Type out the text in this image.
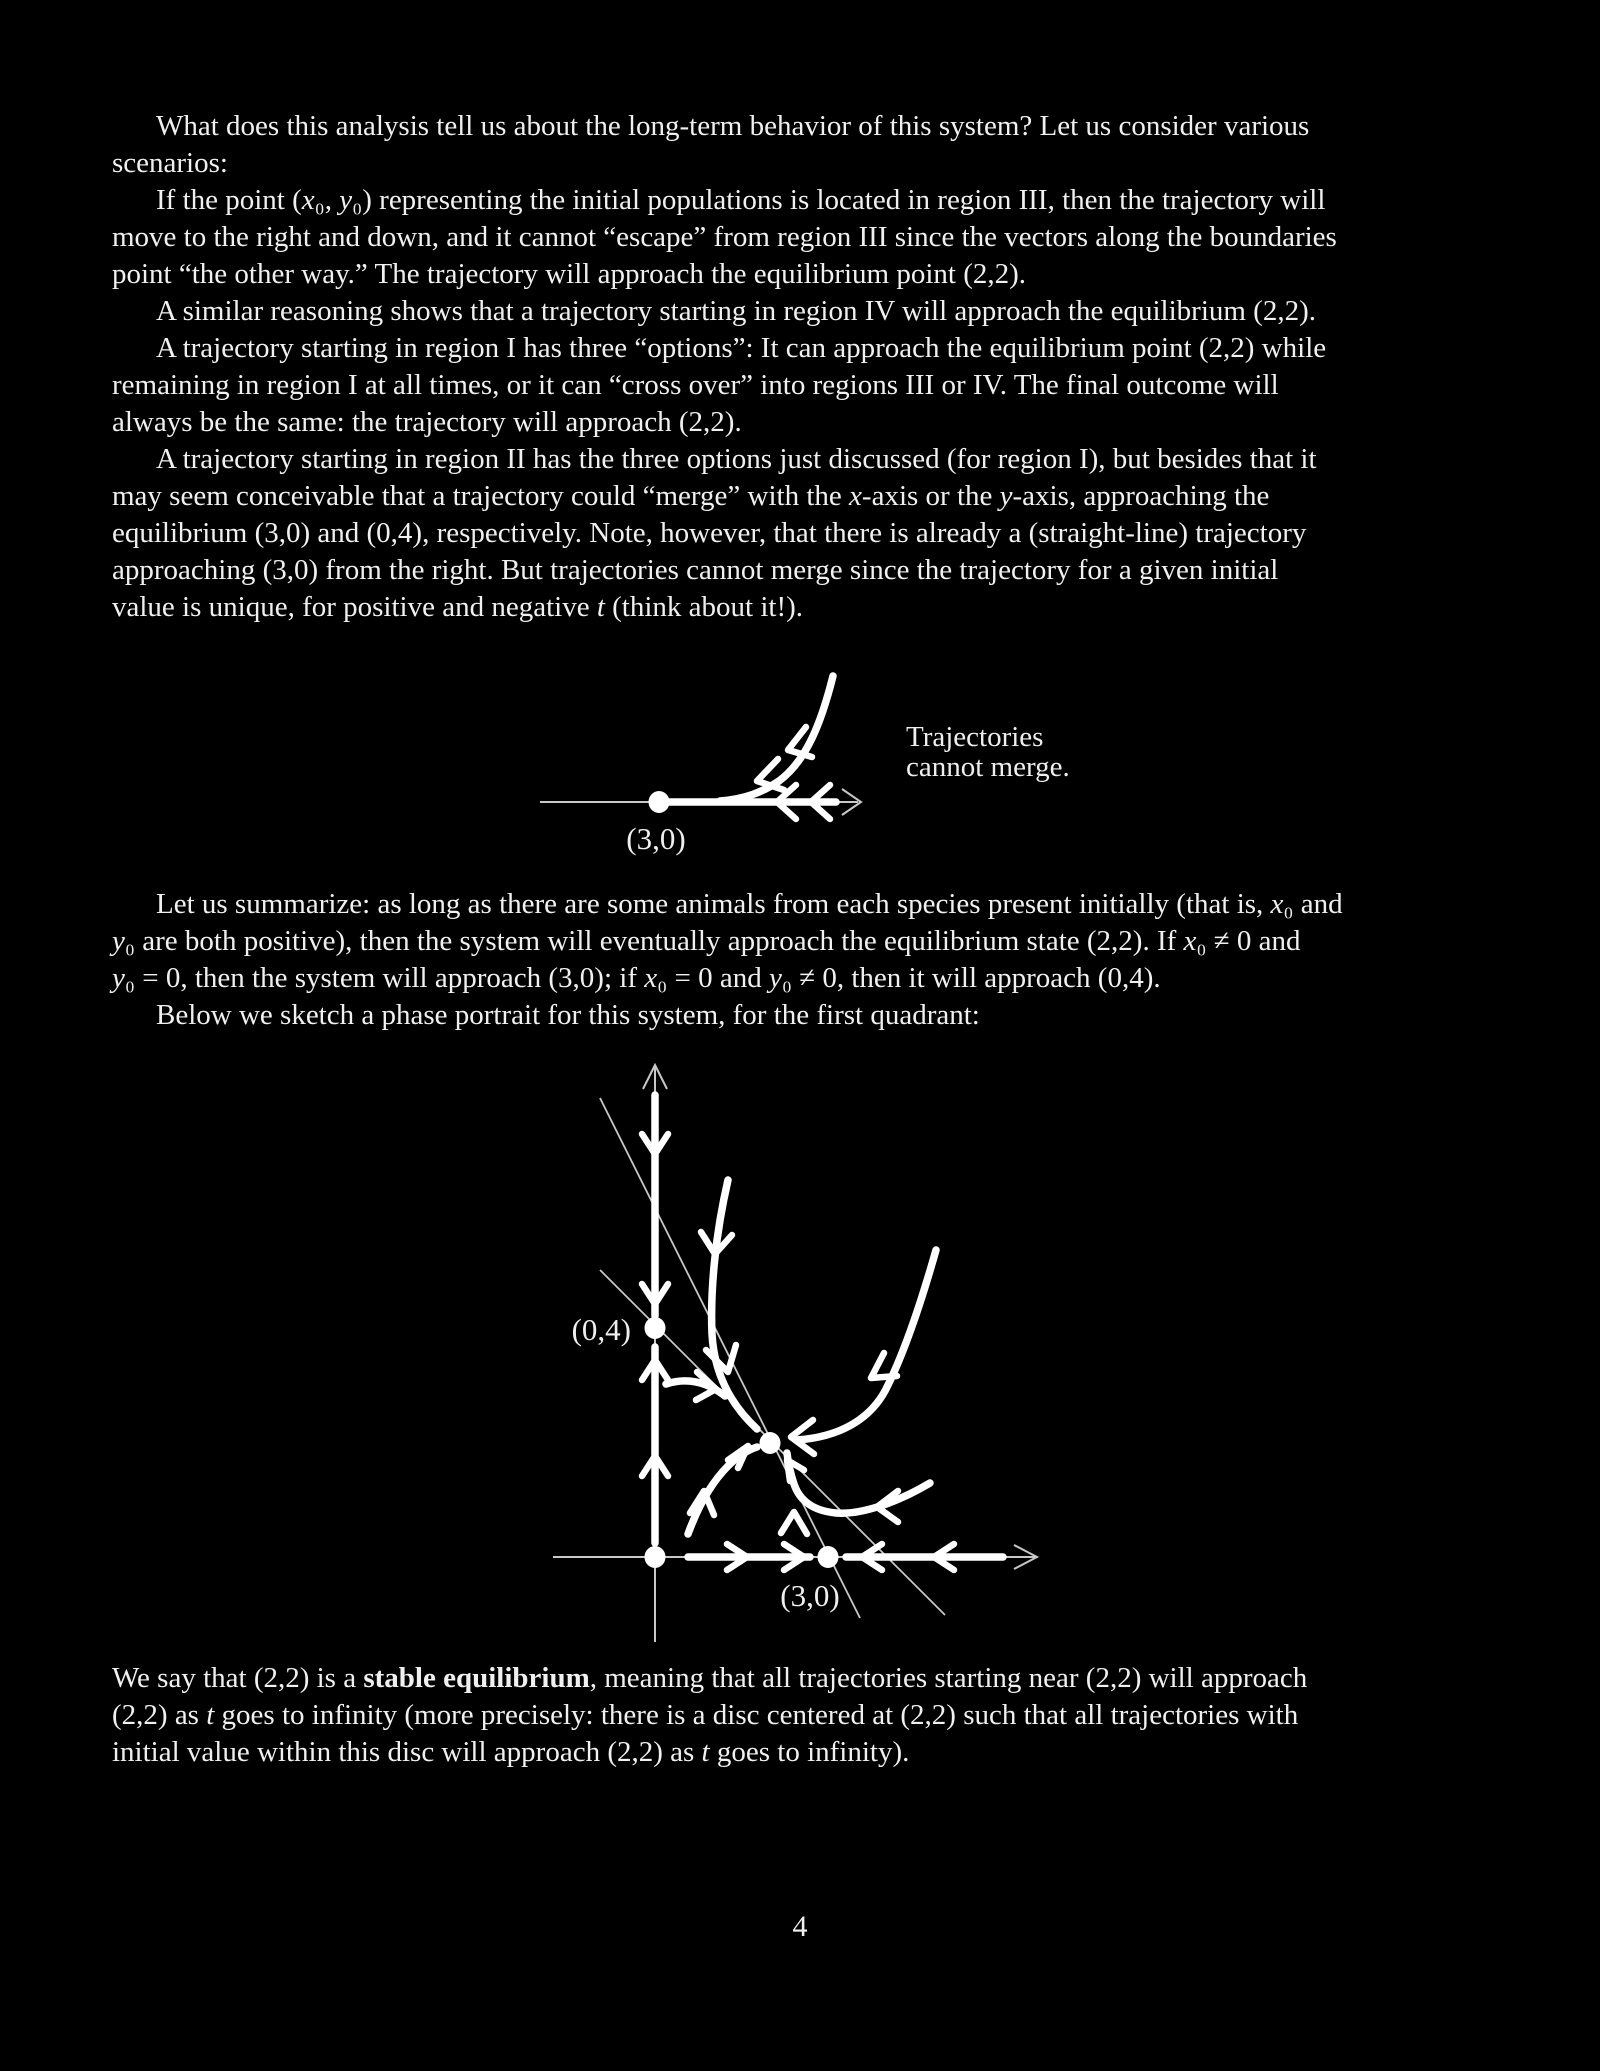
What does this analysis tell us about the long-term behavior of this system? Let us consider various
scenarios:
If the point (x₀, y₀) representing the initial populations is located in region III, then the trajectory will
move to the right and down, and it cannot “escape” from region III since the vectors along the boundaries
point “the other way.” The trajectory will approach the equilibrium point (2,2).
A similar reasoning shows that a trajectory starting in region IV will approach the equilibrium (2,2).
A trajectory starting in region I has three “options”: It can approach the equilibrium point (2,2) while
remaining in region I at all times, or it can “cross over” into regions III or IV. The final outcome will
always be the same: the trajectory will approach (2,2).
A trajectory starting in region II has the three options just discussed (for region I), but besides that it
may seem conceivable that a trajectory could “merge” with the x-axis or the y-axis, approaching the
equilibrium (3,0) and (0,4), respectively. Note, however, that there is already a (straight-line) trajectory
approaching (3,0) from the right. But trajectories cannot merge since the trajectory for a given initial
value is unique, for positive and negative t (think about it!).
(3,0)
Trajectories
cannot merge.
Let us summarize: as long as there are some animals from each species present initially (that is, x₀ and
y₀ are both positive), then the system will eventually approach the equilibrium state (2,2). If x₀ ≠ 0 and
y₀ = 0, then the system will approach (3,0); if x₀ = 0 and y₀ ≠ 0, then it will approach (0,4).
Below we sketch a phase portrait for this system, for the first quadrant:
(0,4)
(3,0)
We say that (2,2) is a stable equilibrium, meaning that all trajectories starting near (2,2) will approach
(2,2) as t goes to infinity (more precisely: there is a disc centered at (2,2) such that all trajectories with
initial value within this disc will approach (2,2) as t goes to infinity).
4
